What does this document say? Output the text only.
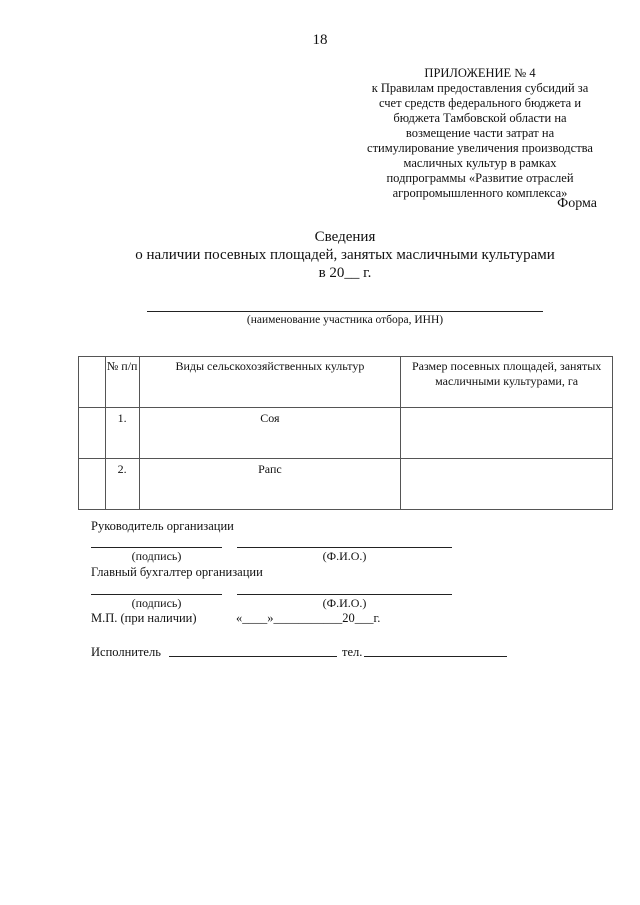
18
ПРИЛОЖЕНИЕ № 4
к Правилам предоставления субсидий за
счет средств федерального бюджета и
бюджета Тамбовской области на
возмещение части затрат на
стимулирование увеличения производства
масличных культур в рамках
подпрограммы «Развитие отраслей
агропромышленного комплекса»
Форма
Сведения
о наличии посевных площадей, занятых масличными культурами
в 20__ г.
(наименование участника отбора, ИНН)
	№ п/п	Виды сельскохозяйственных культур	Размер посевных площадей, занятых масличными культурами, га
	1.	Соя	
	2.	Рапс	
Руководитель организации
(подпись)	(Ф.И.О.)
Главный бухгалтер организации
(подпись)	(Ф.И.О.)
М.П. (при наличии)	«____»___________20___г.
Исполнитель	тел.
